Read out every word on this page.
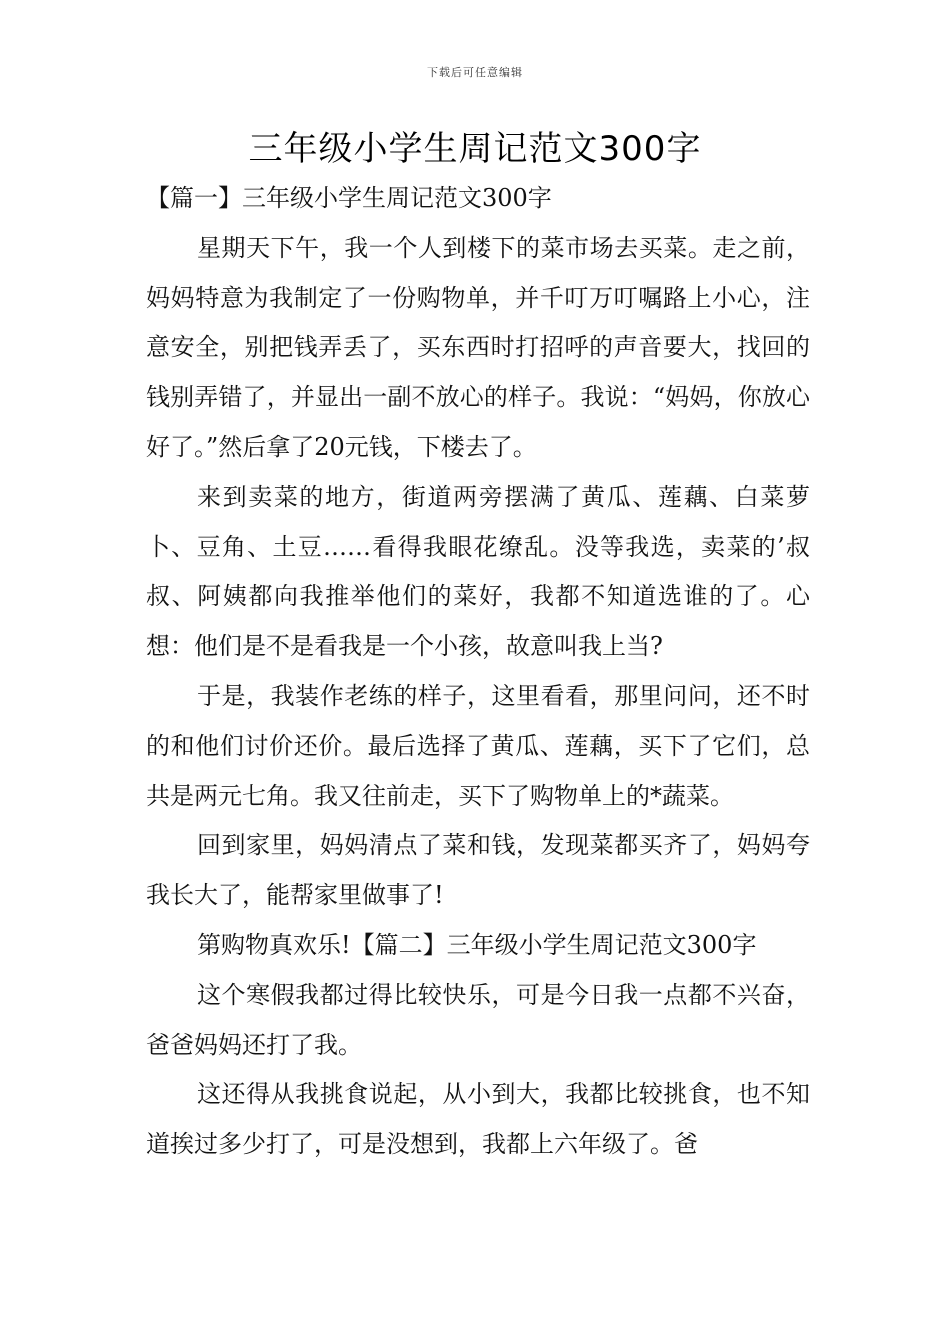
下载后可任意编辑
三年级小学生周记范文300字

【篇一】三年级小学生周记范文300字

星期天下午，我一个人到楼下的菜市场去买菜。走之前，妈妈特意为我制定了一份购物单，并千叮万叮嘱路上小心，注意安全，别把钱弄丢了，买东西时打招呼的声音要大，找回的钱别弄错了，并显出一副不放心的样子。我说：“妈妈，你放心好了。”然后拿了20元钱，下楼去了。

来到卖菜的地方，街道两旁摆满了黄瓜、莲藕、白菜萝卜、豆角、土豆……看得我眼花缭乱。没等我选，卖菜的’叔叔、阿姨都向我推举他们的菜好，我都不知道选谁的了。心想：他们是不是看我是一个小孩，故意叫我上当?

于是，我装作老练的样子，这里看看，那里问问，还不时的和他们讨价还价。最后选择了黄瓜、莲藕，买下了它们，总共是两元七角。我又往前走，买下了购物单上的*蔬菜。

回到家里，妈妈清点了菜和钱，发现菜都买齐了，妈妈夸我长大了，能帮家里做事了!

第购物真欢乐!【篇二】三年级小学生周记范文300字

这个寒假我都过得比较快乐，可是今日我一点都不兴奋，爸爸妈妈还打了我。

这还得从我挑食说起，从小到大，我都比较挑食，也不知道挨过多少打了，可是没想到，我都上六年级了。爸
